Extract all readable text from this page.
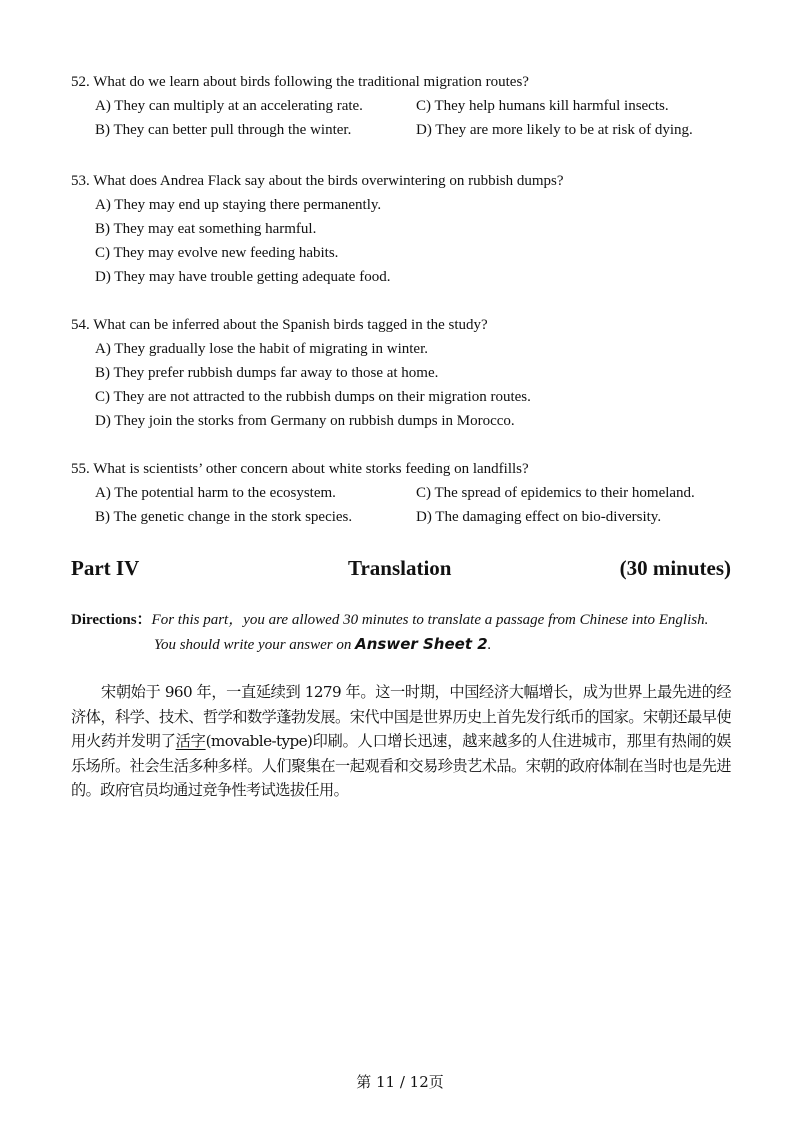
52. What do we learn about birds following the traditional migration routes?
A) They can multiply at an accelerating rate.	C) They help humans kill harmful insects.
B) They can better pull through the winter.	D) They are more likely to be at risk of dying.
53. What does Andrea Flack say about the birds overwintering on rubbish dumps?
A) They may end up staying there permanently.
B) They may eat something harmful.
C) They may evolve new feeding habits.
D) They may have trouble getting adequate food.
54. What can be inferred about the Spanish birds tagged in the study?
A) They gradually lose the habit of migrating in winter.
B) They prefer rubbish dumps far away to those at home.
C) They are not attracted to the rubbish dumps on their migration routes.
D) They join the storks from Germany on rubbish dumps in Morocco.
55. What is scientists’ other concern about white storks feeding on landfills?
A) The potential harm to the ecosystem.	C) The spread of epidemics to their homeland.
B) The genetic change in the stork species.	D) The damaging effect on bio-diversity.
Part IV	Translation	(30 minutes)
Directions：For this part，you are allowed 30 minutes to translate a passage from Chinese into English.
You should write your answer on Answer Sheet 2.
宋朝始于 960 年，一直延续到 1279 年。这一时期，中国经济大幅增长，成为世界上最先进的经济体，科学、技术、哲学和数学蓬勃发展。宋代中国是世界历史上首先发行纸币的国家。宋朝还最早使用火药并发明了活字(movable-type)印刷。人口增长迅速，越来越多的人住进城市，那里有热闹的娱乐场所。社会生活多种多样。人们聚集在一起观看和交易珍贵艺术品。宋朝的政府体制在当时也是先进的。政府官员均通过竞争性考试选拔任用。
第 11 / 12页
